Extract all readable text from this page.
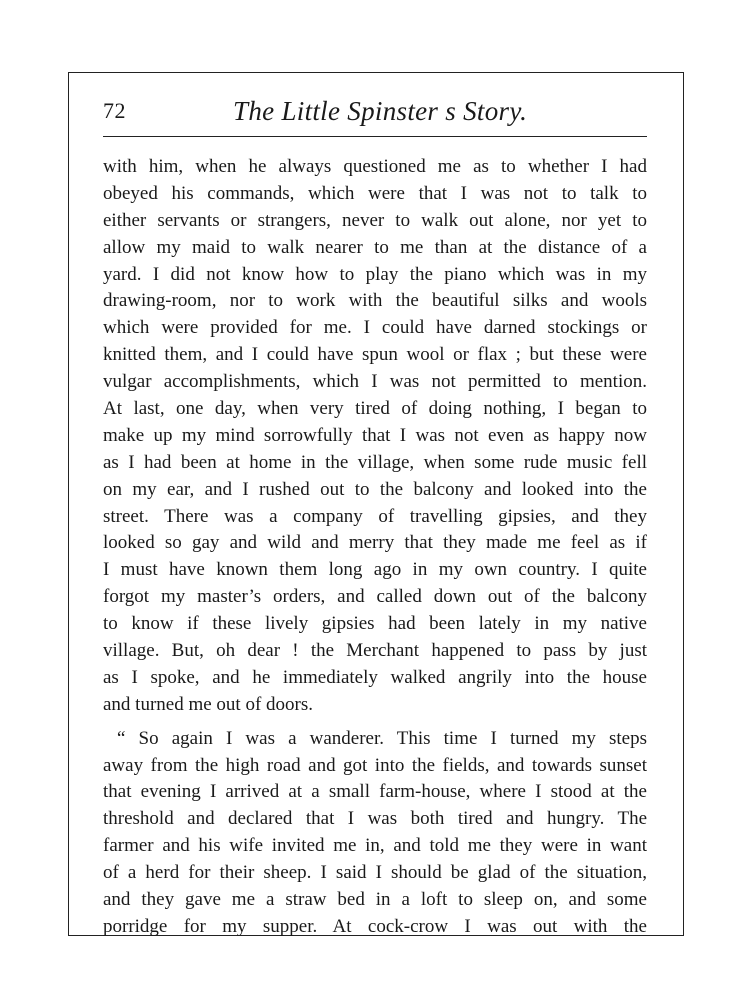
72	The Little Spinster s Story.
with him, when he always questioned me as to whether I had
obeyed his commands, which were that I was not to talk to
either servants or strangers, never to walk out alone, nor yet to
allow my maid to walk nearer to me than at the distance of a
yard. I did not know how to play the piano which was in my
drawing-room, nor to work with the beautiful silks and wools
which were provided for me. I could have darned stockings or
knitted them, and I could have spun wool or flax ; but these were
vulgar accomplishments, which I was not permitted to mention.
At last, one day, when very tired of doing nothing, I began to
make up my mind sorrowfully that I was not even as happy now
as I had been at home in the village, when some rude music fell
on my ear, and I rushed out to the balcony and looked into the
street. There was a company of travelling gipsies, and they
looked so gay and wild and merry that they made me feel as if
I must have known them long ago in my own country. I quite
forgot my master’s orders, and called down out of the balcony
to know if these lively gipsies had been lately in my native
village. But, oh dear ! the Merchant happened to pass by just
as I spoke, and he immediately walked angrily into the house
and turned me out of doors.
“ So again I was a wanderer. This time I turned my steps
away from the high road and got into the fields, and towards sunset
that evening I arrived at a small farm-house, where I stood at the
threshold and declared that I was both tired and hungry. The
farmer and his wife invited me in, and told me they were in want
of a herd for their sheep. I said I should be glad of the situation,
and they gave me a straw bed in a loft to sleep on, and some
porridge for my supper. At cock-crow I was out with the
